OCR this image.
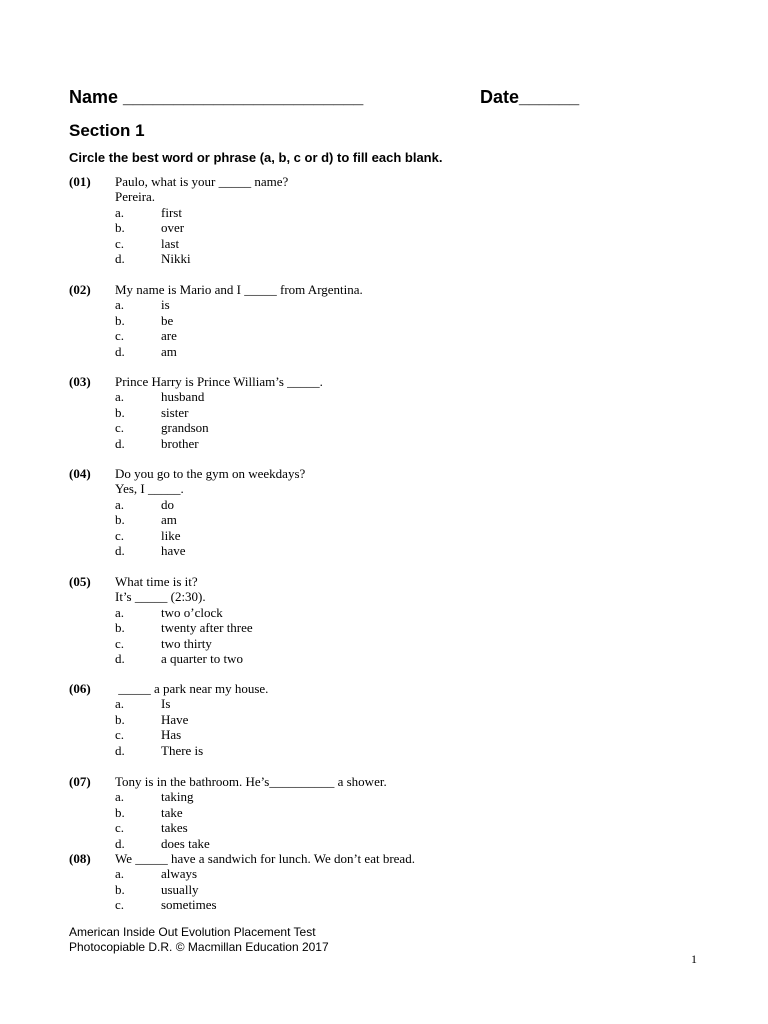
Name ________________________	Date______
Section 1
Circle the best word or phrase (a, b, c or d) to fill each blank.
(01) Paulo, what is your _____ name?
Pereira.
a.	first
b.	over
c.	last
d.	Nikki
(02) My name is Mario and I _____ from Argentina.
a.	is
b.	be
c.	are
d.	am
(03) Prince Harry is Prince William’s _____.
a.	husband
b.	sister
c.	grandson
d.	brother
(04) Do you go to the gym on weekdays?
Yes, I _____.
a.	do
b.	am
c.	like
d.	have
(05) What time is it?
It’s _____ (2:30).
a.	two o’clock
b.	twenty after three
c.	two thirty
d.	a quarter to two
(06) _____ a park near my house.
a.	Is
b.	Have
c.	Has
d.	There is
(07) Tony is in the bathroom. He’s__________ a shower.
a.	taking
b.	take
c.	takes
d.	does take
(08) We _____ have a sandwich for lunch. We don’t eat bread.
a.	always
b.	usually
c.	sometimes
American Inside Out Evolution Placement Test
Photocopiable D.R. © Macmillan Education 2017
1
